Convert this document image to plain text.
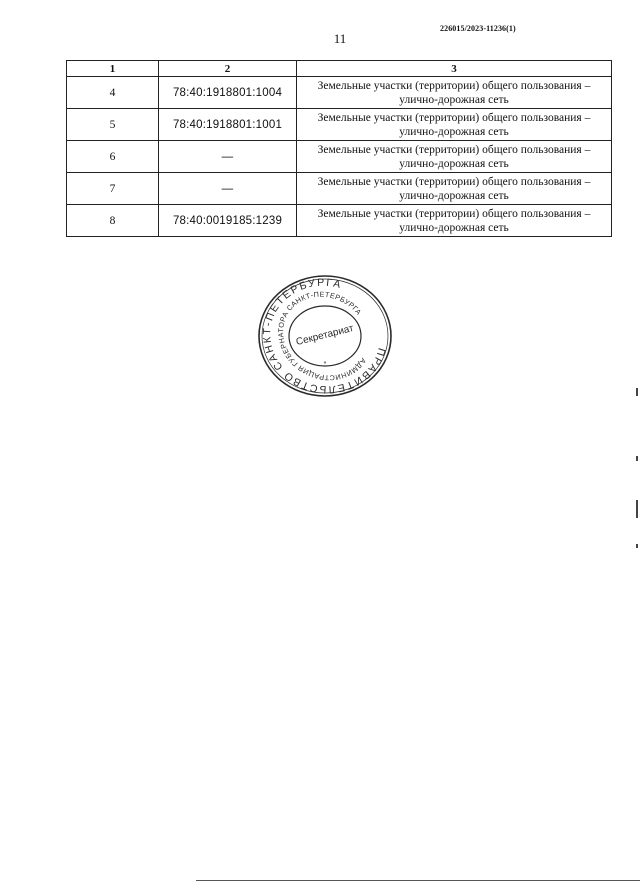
226015/2023-11236(1)
11
1	2	3
4	78:40:1918801:1004	Земельные участки (территории) общего пользования –
улично-дорожная сеть
5	78:40:1918801:1001	Земельные участки (территории) общего пользования –
улично-дорожная сеть
6	—	Земельные участки (территории) общего пользования –
улично-дорожная сеть
7	—	Земельные участки (территории) общего пользования –
улично-дорожная сеть
8	78:40:0019185:1239	Земельные участки (территории) общего пользования –
улично-дорожная сеть
ПРАВИТЕЛЬСТВО САНКТ-ПЕТЕРБУРГА
АДМИНИСТРАЦИЯ ГУБЕРНАТОРА САНКТ-ПЕТЕРБУРГА
Секретариат
*
